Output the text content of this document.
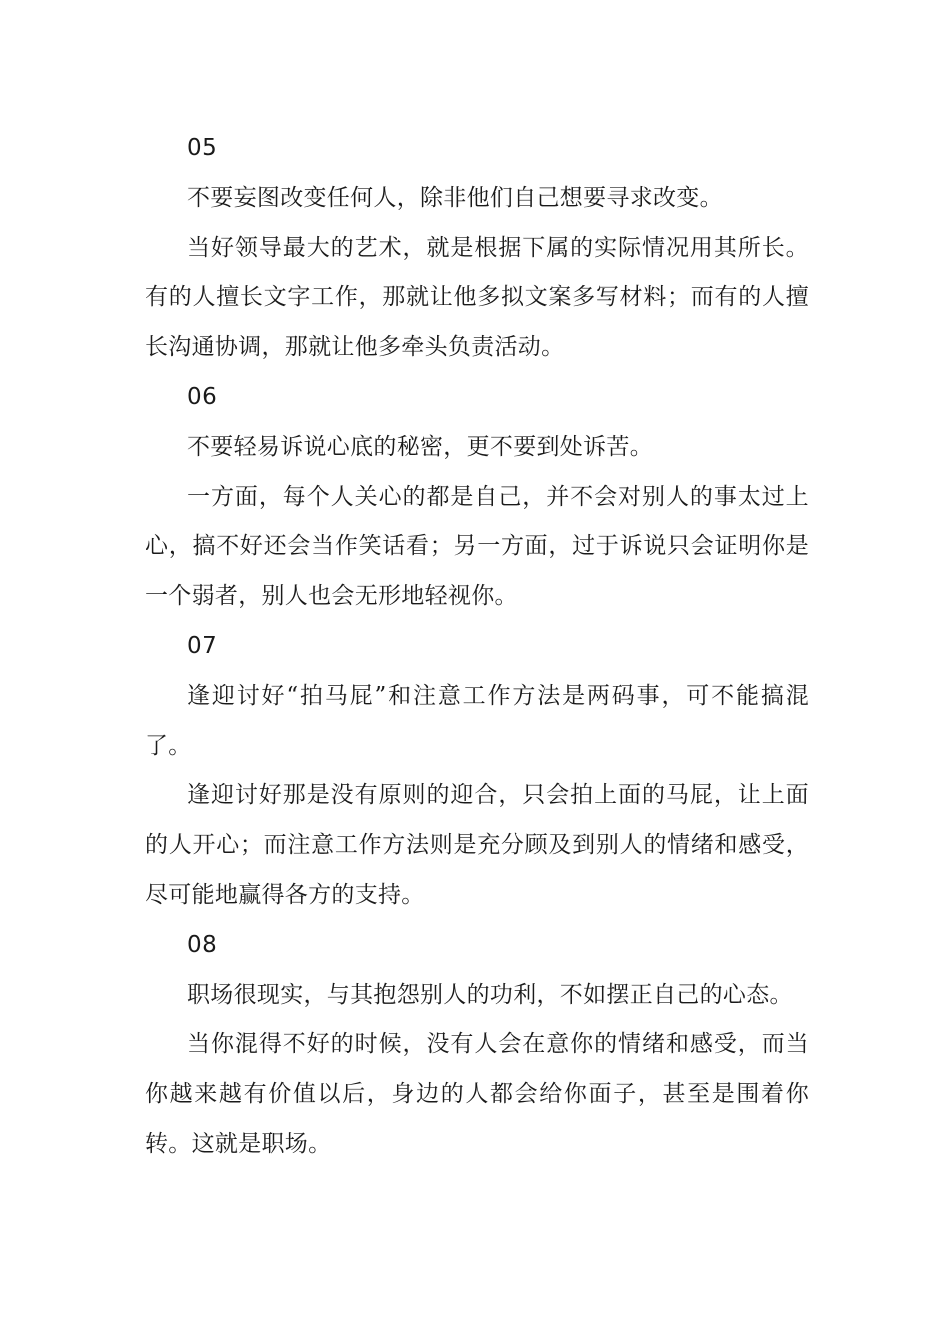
05

不要妄图改变任何人，除非他们自己想要寻求改变。

当好领导最大的艺术，就是根据下属的实际情况用其所长。有的人擅长文字工作，那就让他多拟文案多写材料；而有的人擅长沟通协调，那就让他多牵头负责活动。

06

不要轻易诉说心底的秘密，更不要到处诉苦。

一方面，每个人关心的都是自己，并不会对别人的事太过上心，搞不好还会当作笑话看；另一方面，过于诉说只会证明你是一个弱者，别人也会无形地轻视你。

07

逢迎讨好“拍马屁”和注意工作方法是两码事，可不能搞混了。

逢迎讨好那是没有原则的迎合，只会拍上面的马屁，让上面的人开心；而注意工作方法则是充分顾及到别人的情绪和感受，尽可能地赢得各方的支持。

08

职场很现实，与其抱怨别人的功利，不如摆正自己的心态。

当你混得不好的时候，没有人会在意你的情绪和感受，而当你越来越有价值以后，身边的人都会给你面子，甚至是围着你转。这就是职场。
